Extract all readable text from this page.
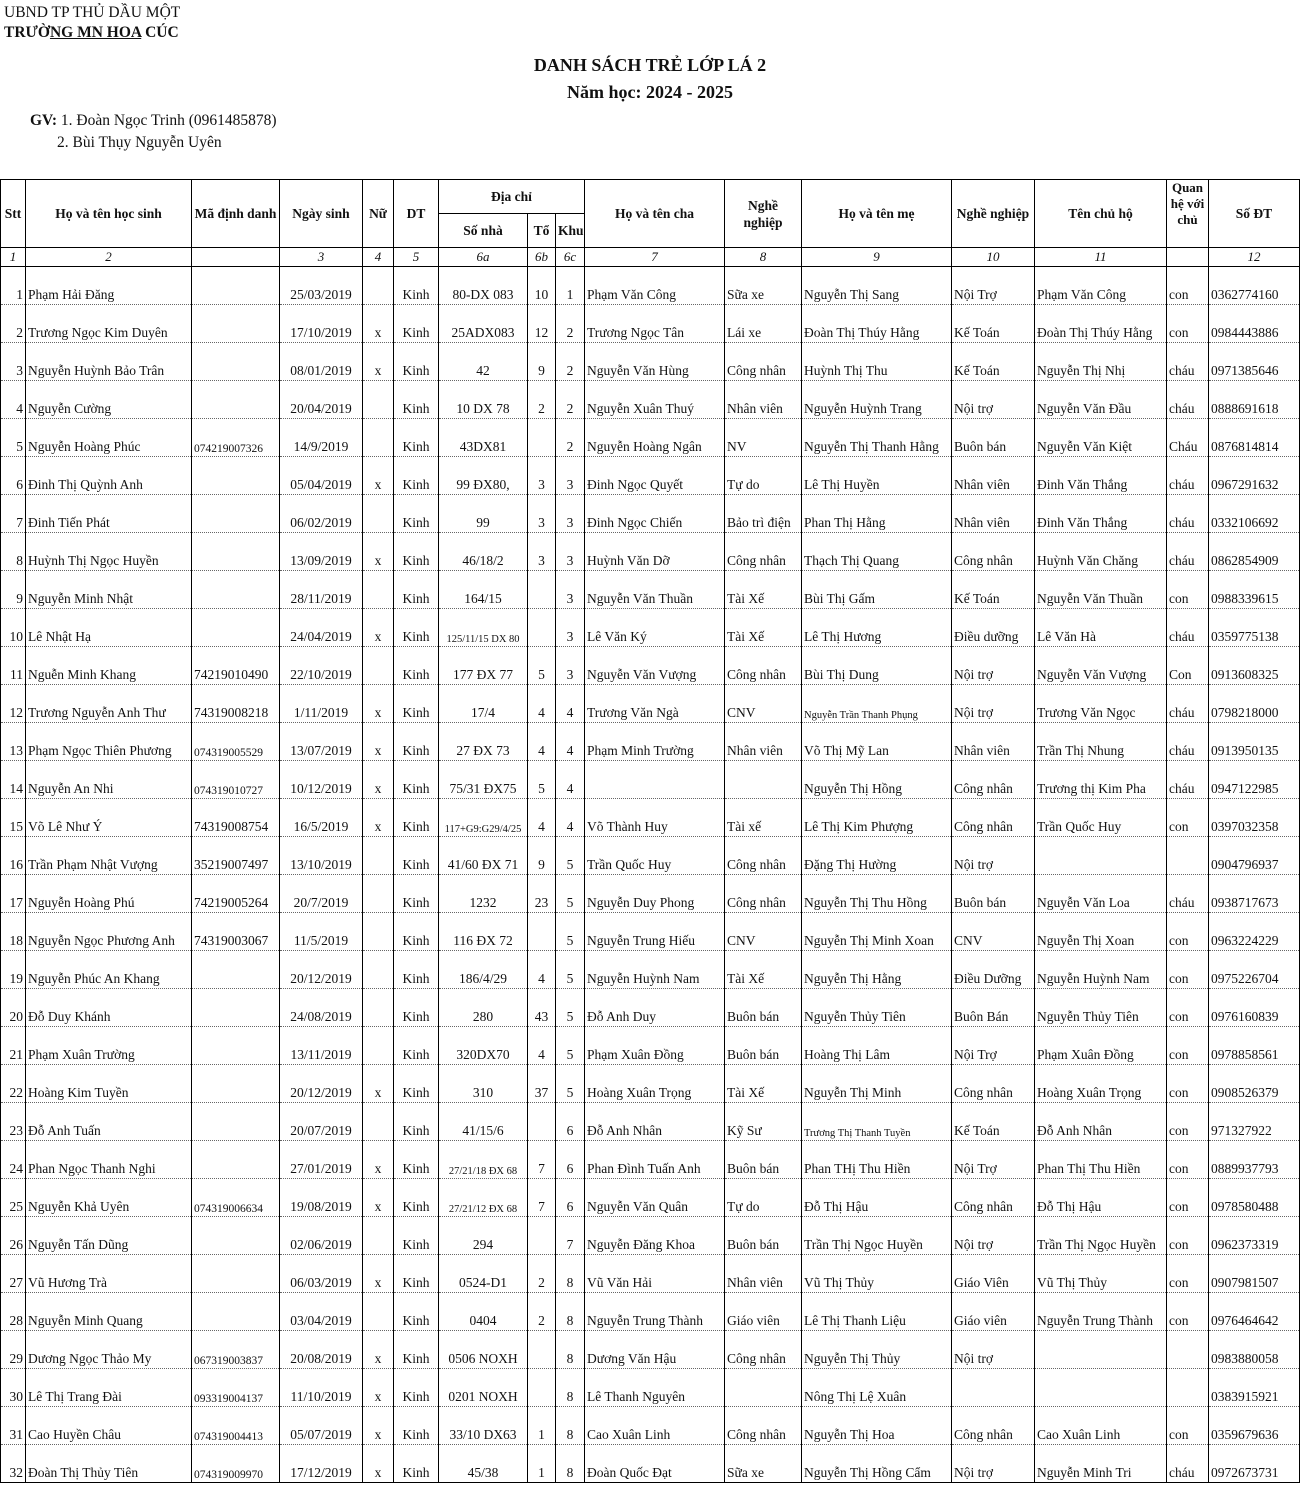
UBND TP THỦ DẦU MỘT
TRƯỜNG MN HOA CÚC
DANH SÁCH TRẺ LỚP LÁ 2
Năm học: 2024 - 2025
GV: 1. Đoàn Ngọc Trinh (0961485878)
2. Bùi Thụy Nguyễn Uyên
Stt	Họ và tên học sinh	Mã định danh	Ngày sinh	Nữ	DT	Địa chỉ			Họ và tên cha	Nghề nghiệp	Họ và tên mẹ	Nghề nghiệp	Tên chủ hộ	Quan hệ với chủ	Số ĐT
						Số nhà	Tổ	Khu							
1	2		3	4	5	6a	6b	6c	7	8	9	10	11		12
1	Phạm Hải Đăng		25/03/2019		Kinh	80-DX 083	10	1	Phạm Văn Công	Sữa xe	Nguyễn Thị Sang	Nội Trợ	Phạm Văn Công	con	0362774160
2	Trương Ngọc Kim Duyên		17/10/2019	x	Kinh	25ADX083	12	2	Trương Ngọc Tân	Lái xe	Đoàn Thị Thúy Hằng	Kế Toán	Đoàn Thị Thúy Hằng	con	0984443886
3	Nguyễn Huỳnh Bảo Trân		08/01/2019	x	Kinh	42	9	2	Nguyễn Văn Hùng	Công nhân	Huỳnh Thị Thu	Kế Toán	Nguyễn Thị Nhị	cháu	0971385646
4	Nguyễn Cường		20/04/2019		Kinh	10 DX 78	2	2	Nguyễn Xuân Thuý	Nhân viên	Nguyễn Huỳnh Trang	Nội trợ	Nguyễn Văn Đầu	cháu	0888691618
5	Nguyễn Hoàng Phúc	074219007326	14/9/2019		Kinh	43DX81		2	Nguyễn Hoàng Ngân	NV	Nguyễn Thị Thanh Hằng	Buôn bán	Nguyễn Văn Kiệt	Cháu	0876814814
6	Đinh Thị Quỳnh Anh		05/04/2019	x	Kinh	99 ĐX80,	3	3	Đinh Ngọc Quyết	Tự do	Lê Thị Huyền	Nhân viên	Đinh Văn Thắng	cháu	0967291632
7	Đinh Tiến Phát		06/02/2019		Kinh	99	3	3	Đinh Ngọc Chiến	Bảo trì điện	Phan Thị Hằng	Nhân viên	Đinh Văn Thắng	cháu	0332106692
8	Huỳnh Thị Ngọc Huyền		13/09/2019	x	Kinh	46/18/2	3	3	Huỳnh Văn Dỡ	Công nhân	Thạch Thị Quang	Công nhân	Huỳnh Văn Chăng	cháu	0862854909
9	Nguyễn Minh Nhật		28/11/2019		Kinh	164/15		3	Nguyễn Văn Thuần	Tài Xế	Bùi Thị Gấm	Kế Toán	Nguyễn Văn Thuần	con	0988339615
10	Lê Nhật Hạ		24/04/2019	x	Kinh	125/11/15 DX 80		3	Lê Văn Ký	Tài Xế	Lê Thị Hương	Điều dưỡng	Lê Văn Hà	cháu	0359775138
11	Nguễn Minh Khang	74219010490	22/10/2019		Kinh	177 ĐX 77	5	3	Nguyễn Văn Vượng	Công nhân	Bùi Thị Dung	Nội trợ	Nguyễn Văn Vượng	Con	0913608325
12	Trương Nguyễn Anh Thư	74319008218	1/11/2019	x	Kinh	17/4	4	4	Trương Văn Ngà	CNV	Nguyễn Trần Thanh Phụng	Nội trợ	Trương Văn Ngọc	cháu	0798218000
13	Phạm Ngọc Thiên Phương	074319005529	13/07/2019	x	Kinh	27 ĐX 73	4	4	Phạm Minh Trường	Nhân viên	Võ Thị Mỹ Lan	Nhân viên	Trần Thị Nhung	cháu	0913950135
14	Nguyễn An Nhi	074319010727	10/12/2019	x	Kinh	75/31 ĐX75	5	4			Nguyễn Thị Hồng	Công nhân	Trương thị Kim Pha	cháu	0947122985
15	Võ Lê Như Ý	74319008754	16/5/2019	x	Kinh	117+G9:G29/4/25	4	4	Võ Thành Huy	Tài xế	Lê Thị Kim Phượng	Công nhân	Trần Quốc Huy	con	0397032358
16	Trần Phạm Nhật Vượng	35219007497	13/10/2019		Kinh	41/60 ĐX 71	9	5	Trần Quốc Huy	Công nhân	Đặng Thị Hường	Nội trợ			0904796937
17	Nguyễn Hoàng Phú	74219005264	20/7/2019		Kinh	1232	23	5	Nguyễn Duy Phong	Công nhân	Nguyễn Thị Thu Hồng	Buôn bán	Nguyễn Văn Loa	cháu	0938717673
18	Nguyễn Ngọc Phương Anh	74319003067	11/5/2019		Kinh	116 ĐX 72		5	Nguyễn Trung Hiếu	CNV	Nguyễn Thị Minh Xoan	CNV	Nguyễn Thị Xoan	con	0963224229
19	Nguyễn Phúc An Khang		20/12/2019		Kinh	186/4/29	4	5	Nguyễn Huỳnh Nam	Tài Xế	Nguyễn Thị Hằng	Điều Dưỡng	Nguyễn Huỳnh Nam	con	0975226704
20	Đỗ Duy Khánh		24/08/2019		Kinh	280	43	5	Đỗ Anh Duy	Buôn bán	Nguyễn Thủy Tiên	Buôn Bán	Nguyễn Thủy Tiên	con	0976160839
21	Phạm Xuân Trường		13/11/2019		Kinh	320DX70	4	5	Phạm Xuân Đồng	Buôn bán	Hoàng Thị Lâm	Nội Trợ	Phạm Xuân Đồng	con	0978858561
22	Hoàng Kim Tuyền		20/12/2019	x	Kinh	310	37	5	Hoàng Xuân Trọng	Tài Xế	Nguyễn Thị Minh	Công nhân	Hoàng Xuân Trọng	con	0908526379
23	Đỗ Anh Tuấn		20/07/2019		Kinh	41/15/6		6	Đỗ Anh Nhân	Kỹ Sư	Trương Thị Thanh Tuyền	Kế Toán	Đỗ Anh Nhân	con	971327922
24	Phan Ngọc Thanh Nghi		27/01/2019	x	Kinh	27/21/18 ĐX 68	7	6	Phan Đình Tuấn Anh	Buôn bán	Phan THị Thu Hiền	Nội Trợ	Phan Thị Thu Hiền	con	0889937793
25	Nguyễn Khả Uyên	074319006634	19/08/2019	x	Kinh	27/21/12 ĐX 68	7	6	Nguyễn Văn Quân	Tự do	Đỗ Thị Hậu	Công nhân	Đỗ Thị Hậu	con	0978580488
26	Nguyễn Tấn Dũng		02/06/2019		Kinh	294		7	Nguyễn Đăng Khoa	Buôn bán	Trần Thị Ngọc Huyền	Nội trợ	Trần Thị Ngọc Huyền	con	0962373319
27	Vũ Hương Trà		06/03/2019	x	Kinh	0524-D1	2	8	Vũ Văn Hải	Nhân viên	Vũ Thị Thủy	Giáo Viên	Vũ Thị Thủy	con	0907981507
28	Nguyễn Minh Quang		03/04/2019		Kinh	0404	2	8	Nguyễn Trung Thành	Giáo viên	Lê Thị Thanh Liệu	Giáo viên	Nguyễn Trung Thành	con	0976464642
29	Dương Ngọc Thảo My	067319003837	20/08/2019	x	Kinh	0506 NOXH		8	Dương Văn Hậu	Công nhân	Nguyễn Thị Thủy	Nội trợ			0983880058
30	Lê Thị Trang Đài	093319004137	11/10/2019	x	Kinh	0201 NOXH		8	Lê Thanh Nguyên		Nông Thị Lệ Xuân				0383915921
31	Cao Huyền Châu	074319004413	05/07/2019	x	Kinh	33/10 DX63	1	8	Cao Xuân Linh	Công nhân	Nguyễn Thị Hoa	Công nhân	Cao Xuân Linh	con	0359679636
32	Đoàn Thị Thủy Tiên	074319009970	17/12/2019	x	Kinh	45/38	1	8	Đoàn Quốc Đạt	Sữa xe	Nguyễn Thị Hồng Cẩm	Nội trợ	Nguyễn Minh Tri	cháu	0972673731
